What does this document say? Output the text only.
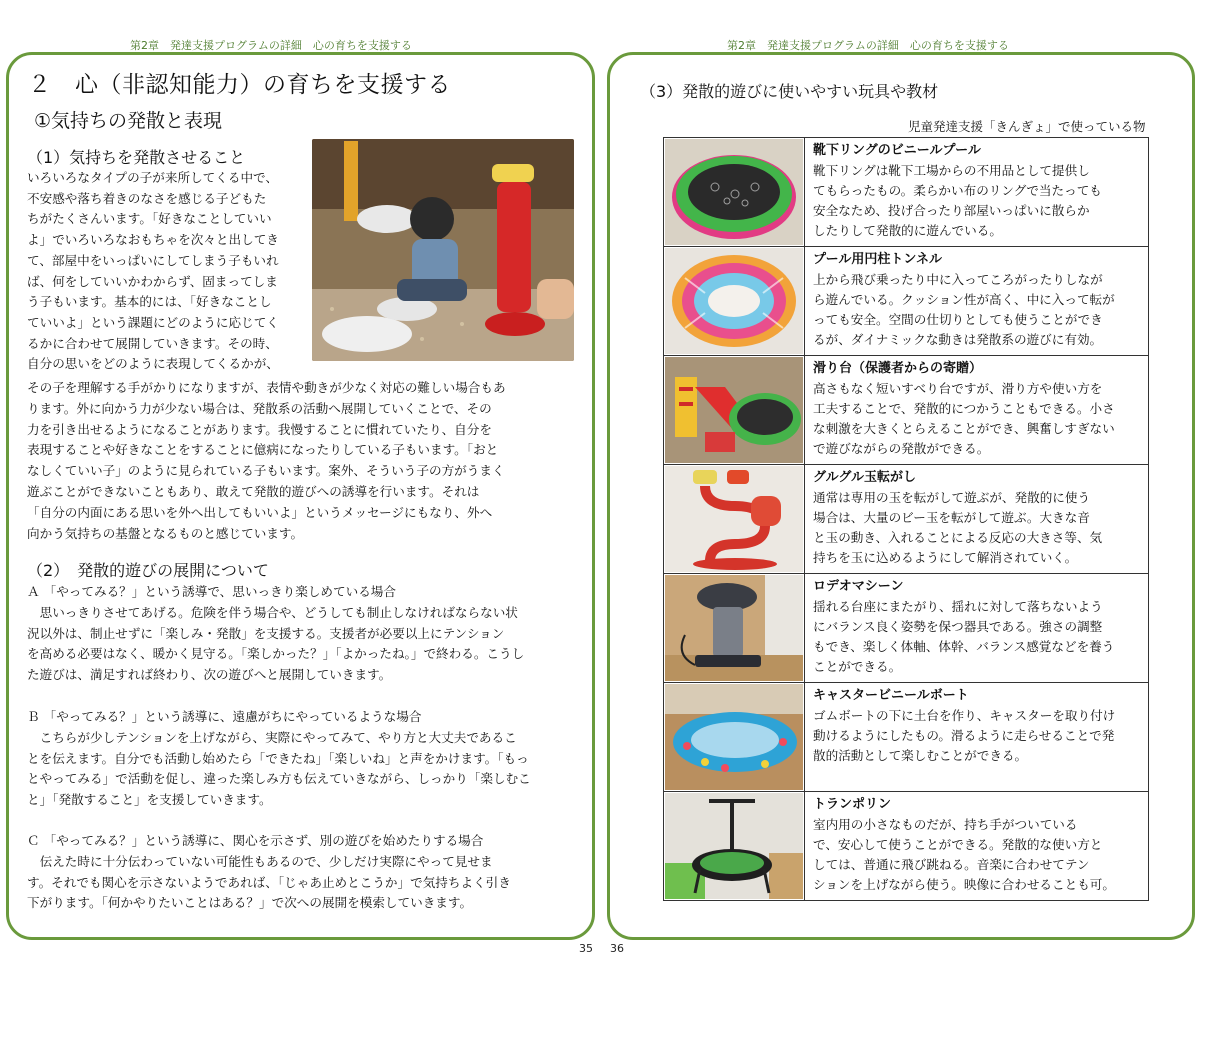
第2章　発達支援プログラムの詳細　心の育ちを支援する	第2章　発達支援プログラムの詳細　心の育ちを支援する
２　心（非認知能力）の育ちを支援する
①気持ちの発散と表現
（1）気持ちを発散させること
いろいろなタイプの子が来所してくる中で、
不安感や落ち着きのなさを感じる子どもた
ちがたくさんいます。「好きなことしていい
よ」でいろいろなおもちゃを次々と出してき
て、部屋中をいっぱいにしてしまう子もいれ
ば、何をしていいかわからず、固まってしま
う子もいます。基本的には、「好きなことし
ていいよ」という課題にどのように応じてく
るかに合わせて展開していきます。その時、
自分の思いをどのように表現してくるかが、
その子を理解する手がかりになりますが、表情や動きが少なく対応の難しい場合もあ
ります。外に向かう力が少ない場合は、発散系の活動へ展開していくことで、その
力を引き出せるようになることがあります。我慢することに慣れていたり、自分を
表現することや好きなことをすることに億病になったりしている子もいます。「おと
なしくていい子」のように見られている子もいます。案外、そういう子の方がうまく
遊ぶことができないこともあり、敢えて発散的遊びへの誘導を行います。それは
「自分の内面にある思いを外へ出してもいいよ」というメッセージにもなり、外へ
向かう気持ちの基盤となるものと感じています。
（2）　発散的遊びの展開について
Ａ 「やってみる？」という誘導で、思いっきり楽しめている場合
　思いっきりさせてあげる。危険を伴う場合や、どうしても制止しなければならない状
況以外は、制止せずに「楽しみ・発散」を支援する。支援者が必要以上にテンション
を高める必要はなく、暖かく見守る。「楽しかった？」「よかったね。」で終わる。こうし
た遊びは、満足すれば終わり、次の遊びへと展開していきます。
Ｂ 「やってみる？」という誘導に、遠慮がちにやっているような場合
　こちらが少しテンションを上げながら、実際にやってみて、やり方と大丈夫であるこ
とを伝えます。自分でも活動し始めたら「できたね」「楽しいね」と声をかけます。「もっ
とやってみる」で活動を促し、違った楽しみ方も伝えていきながら、しっかり「楽しむこ
と」「発散すること」を支援していきます。
Ｃ 「やってみる？」という誘導に、関心を示さず、別の遊びを始めたりする場合
　伝えた時に十分伝わっていない可能性もあるので、少しだけ実際にやって見せま
す。それでも関心を示さないようであれば、「じゃあ止めとこうか」で気持ちよく引き
下がります。「何かやりたいことはある？」で次への展開を模索していきます。
35
（3）発散的遊びに使いやすい玩具や教材
児童発達支援「きんぎょ」で使っている物

靴下リングのビニールプール
靴下リングは靴下工場からの不用品として提供し
てもらったもの。柔らかい布のリングで当たっても
安全なため、投げ合ったり部屋いっぱいに散らか
したりして発散的に遊んでいる。

プール用円柱トンネル
上から飛び乗ったり中に入ってころがったりしなが
ら遊んでいる。クッション性が高く、中に入って転が
っても安全。空間の仕切りとしても使うことができ
るが、ダイナミックな動きは発散系の遊びに有効。

滑り台（保護者からの寄贈）
高さもなく短いすべり台ですが、滑り方や使い方を
工夫することで、発散的につかうこともできる。小さ
な刺激を大きくとらえることができ、興奮しすぎない
で遊びながらの発散ができる。

グルグル玉転がし
通常は専用の玉を転がして遊ぶが、発散的に使う
場合は、大量のビー玉を転がして遊ぶ。大きな音
と玉の動き、入れることによる反応の大きさ等、気
持ちを玉に込めるようにして解消されていく。

ロデオマシーン
揺れる台座にまたがり、揺れに対して落ちないよう
にバランス良く姿勢を保つ器具である。強さの調整
もでき、楽しく体軸、体幹、バランス感覚などを養う
ことができる。

キャスタービニールボート
ゴムボートの下に土台を作り、キャスターを取り付け
動けるようにしたもの。滑るように走らせることで発
散的活動として楽しむことができる。

トランポリン
室内用の小さなものだが、持ち手がついている
で、安心して使うことができる。発散的な使い方と
しては、普通に飛び跳ねる。音楽に合わせてテン
ションを上げながら使う。映像に合わせることも可。
36
